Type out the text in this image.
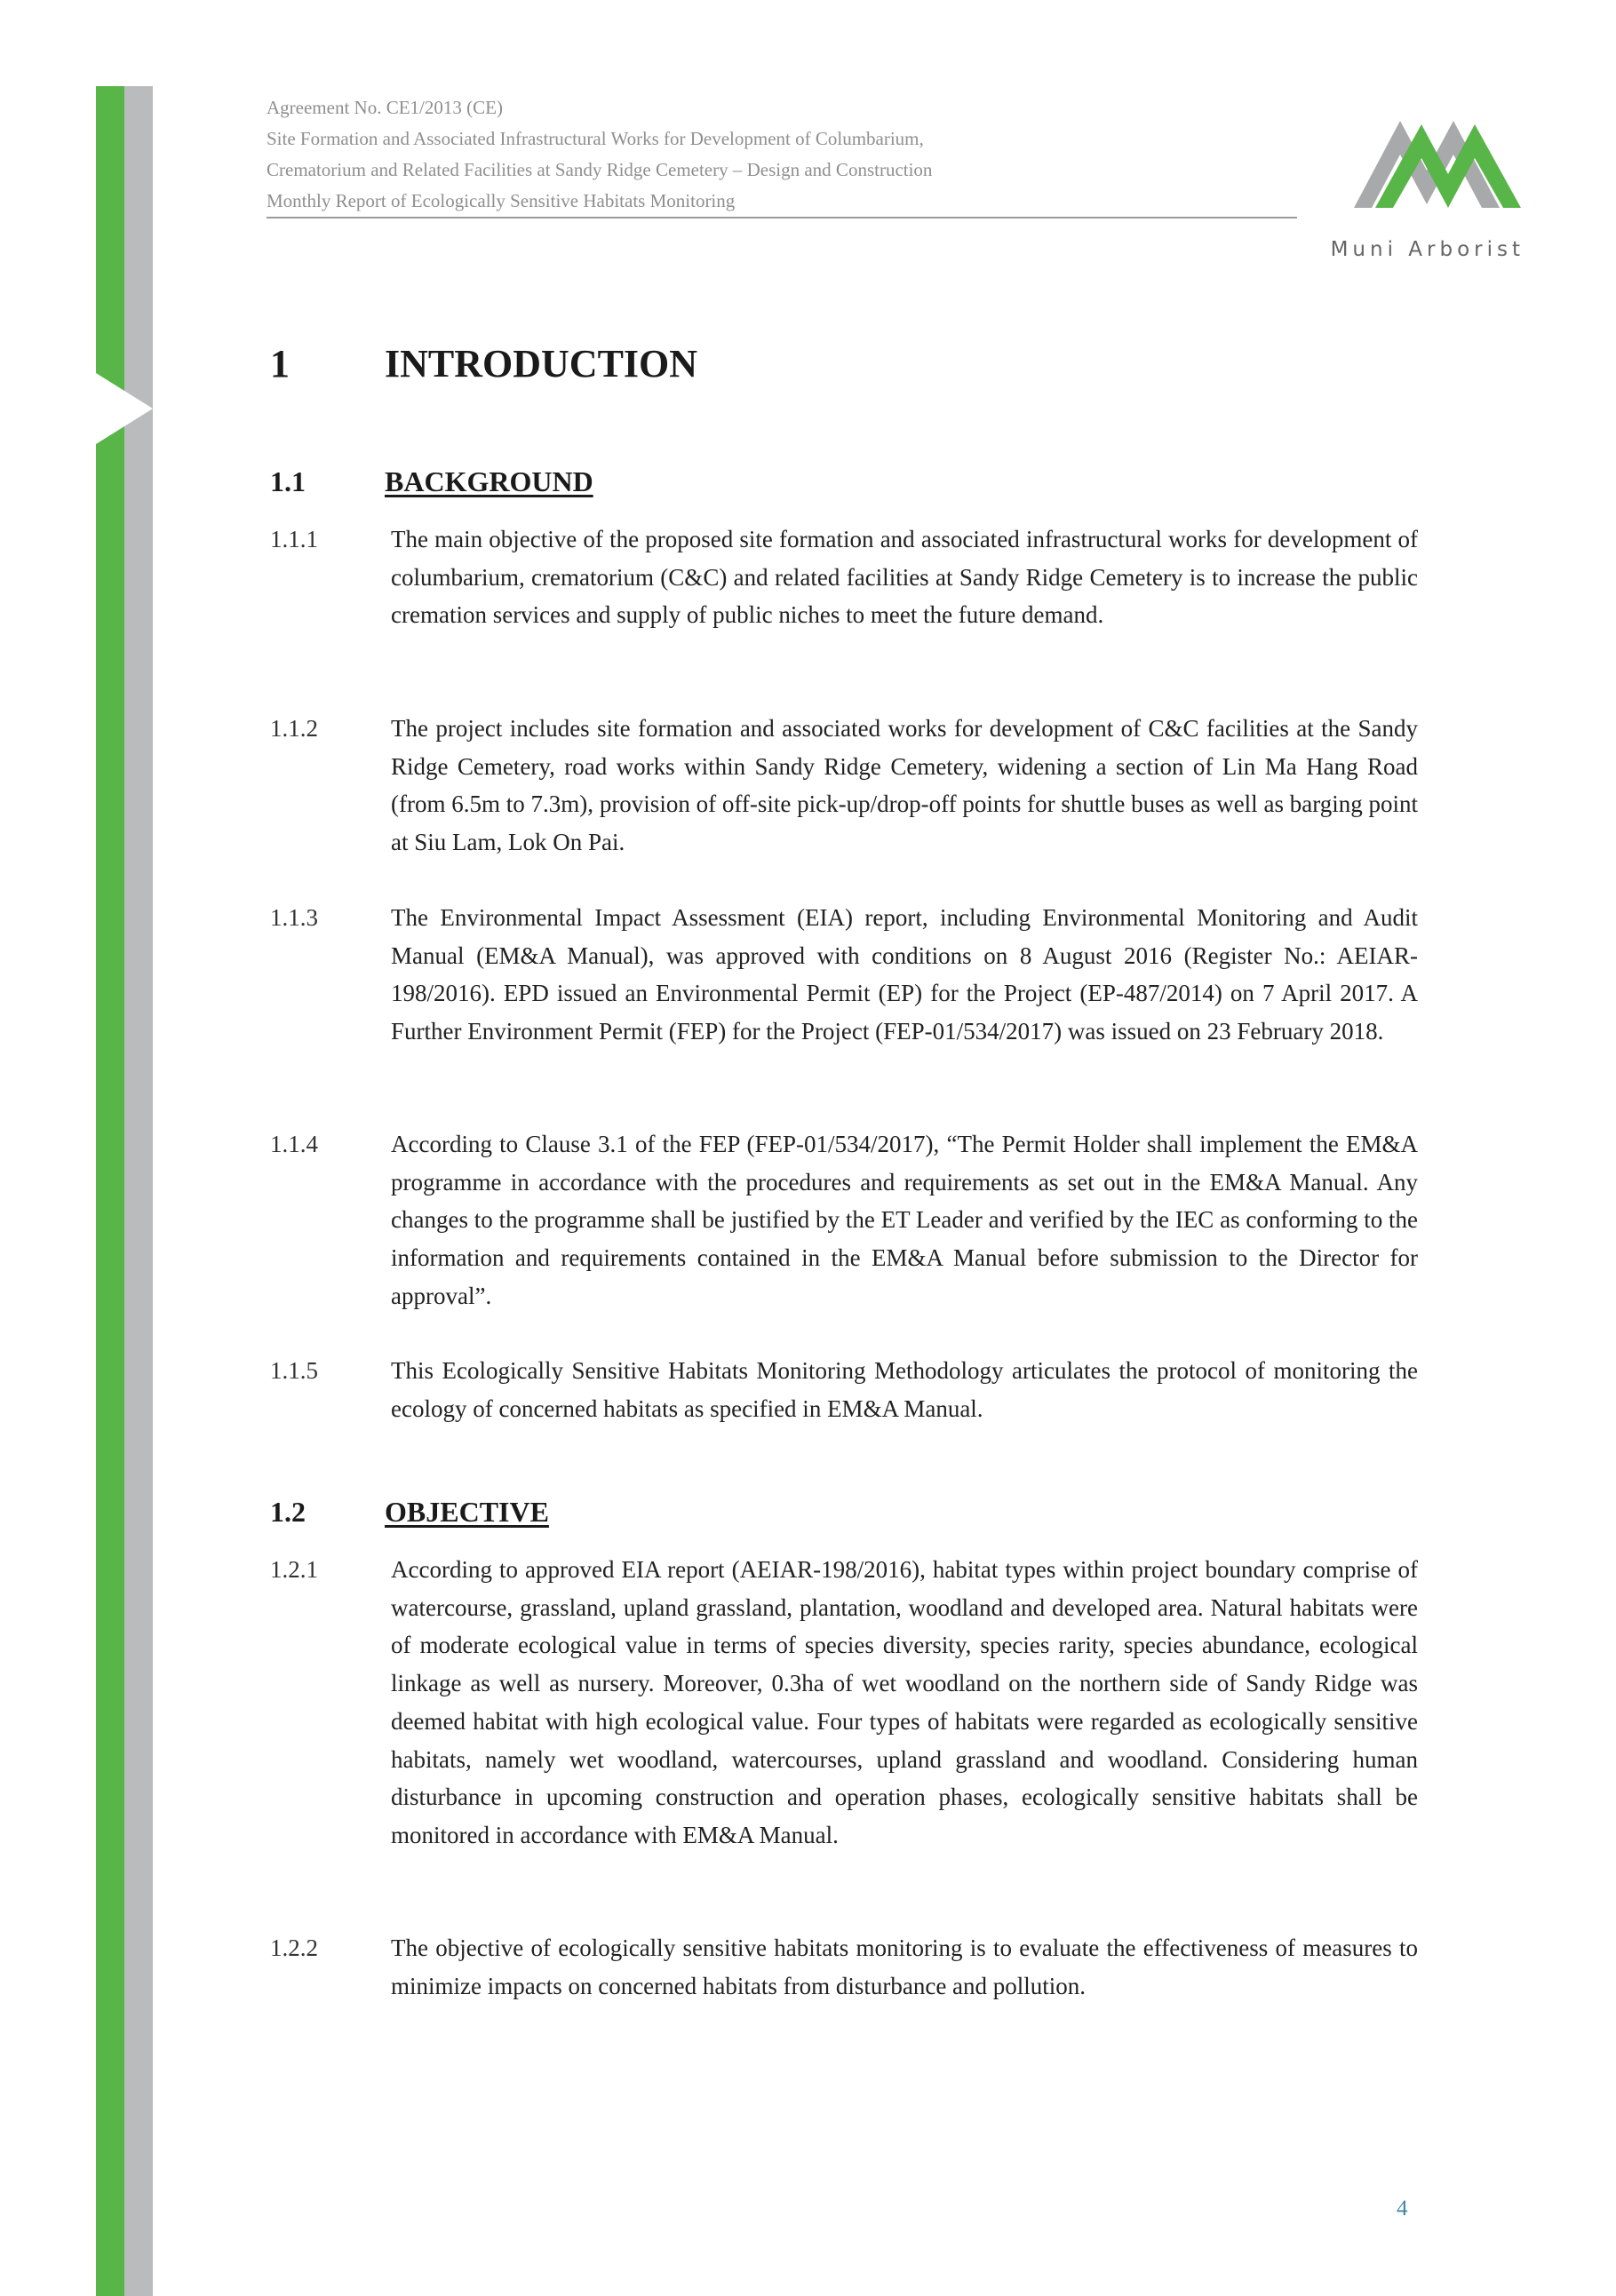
Agreement No. CE1/2013 (CE)
Site Formation and Associated Infrastructural Works for Development of Columbarium,
Crematorium and Related Facilities at Sandy Ridge Cemetery – Design and Construction
Monthly Report of Ecologically Sensitive Habitats Monitoring
Muni Arborist
1 INTRODUCTION
1.1	BACKGROUND
1.1.1	The main objective of the proposed site formation and associated infrastructural works for development of columbarium, crematorium (C&C) and related facilities at Sandy Ridge Cemetery is to increase the public cremation services and supply of public niches to meet the future demand.
1.1.2	The project includes site formation and associated works for development of C&C facilities at the Sandy Ridge Cemetery, road works within Sandy Ridge Cemetery, widening a section of Lin Ma Hang Road (from 6.5m to 7.3m), provision of off-site pick-up/drop-off points for shuttle buses as well as barging point at Siu Lam, Lok On Pai.
1.1.3	The Environmental Impact Assessment (EIA) report, including Environmental Monitoring and Audit Manual (EM&A Manual), was approved with conditions on 8 August 2016 (Register No.: AEIAR-198/2016). EPD issued an Environmental Permit (EP) for the Project (EP-487/2014) on 7 April 2017. A Further Environment Permit (FEP) for the Project (FEP-01/534/2017) was issued on 23 February 2018.
1.1.4	According to Clause 3.1 of the FEP (FEP-01/534/2017), “The Permit Holder shall implement the EM&A programme in accordance with the procedures and requirements as set out in the EM&A Manual. Any changes to the programme shall be justified by the ET Leader and verified by the IEC as conforming to the information and requirements contained in the EM&A Manual before submission to the Director for approval”.
1.1.5	This Ecologically Sensitive Habitats Monitoring Methodology articulates the protocol of monitoring the ecology of concerned habitats as specified in EM&A Manual.
1.2	OBJECTIVE
1.2.1	According to approved EIA report (AEIAR-198/2016), habitat types within project boundary comprise of watercourse, grassland, upland grassland, plantation, woodland and developed area. Natural habitats were of moderate ecological value in terms of species diversity, species rarity, species abundance, ecological linkage as well as nursery. Moreover, 0.3ha of wet woodland on the northern side of Sandy Ridge was deemed habitat with high ecological value. Four types of habitats were regarded as ecologically sensitive habitats, namely wet woodland, watercourses, upland grassland and woodland. Considering human disturbance in upcoming construction and operation phases, ecologically sensitive habitats shall be monitored in accordance with EM&A Manual.
1.2.2	The objective of ecologically sensitive habitats monitoring is to evaluate the effectiveness of measures to minimize impacts on concerned habitats from disturbance and pollution.
4
